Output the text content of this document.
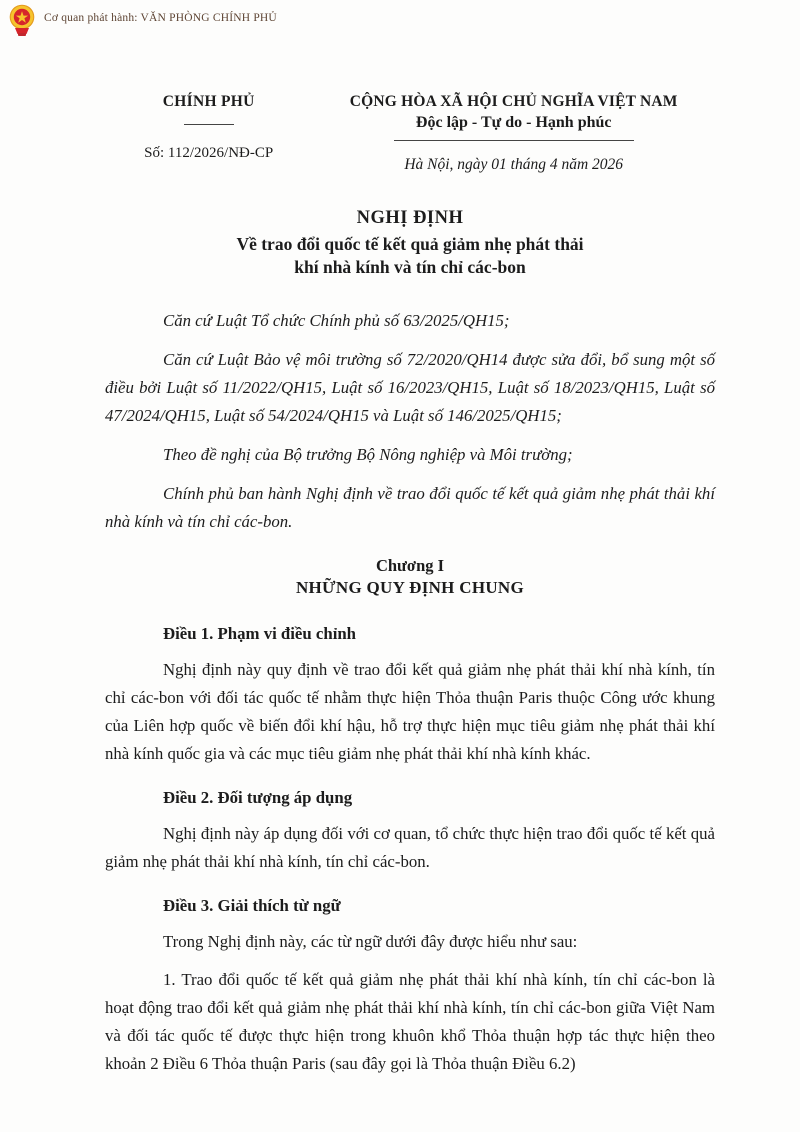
Cơ quan phát hành: VĂN PHÒNG CHÍNH PHỦ
CHÍNH PHỦ
Số: 112/2026/NĐ-CP
CỘNG HÒA XÃ HỘI CHỦ NGHĨA VIỆT NAM
Độc lập - Tự do - Hạnh phúc
Hà Nội, ngày 01 tháng 4 năm 2026
NGHỊ ĐỊNH
Về trao đổi quốc tế kết quả giảm nhẹ phát thải
khí nhà kính và tín chỉ các-bon

Căn cứ Luật Tổ chức Chính phủ số 63/2025/QH15;

Căn cứ Luật Bảo vệ môi trường số 72/2020/QH14 được sửa đổi, bổ sung một số điều bởi Luật số 11/2022/QH15, Luật số 16/2023/QH15, Luật số 18/2023/QH15, Luật số 47/2024/QH15, Luật số 54/2024/QH15 và Luật số 146/2025/QH15;

Theo đề nghị của Bộ trưởng Bộ Nông nghiệp và Môi trường;

Chính phủ ban hành Nghị định về trao đổi quốc tế kết quả giảm nhẹ phát thải khí nhà kính và tín chỉ các-bon.

Chương I
NHỮNG QUY ĐỊNH CHUNG
Điều 1. Phạm vi điều chỉnh

Nghị định này quy định về trao đổi kết quả giảm nhẹ phát thải khí nhà kính, tín chỉ các-bon với đối tác quốc tế nhằm thực hiện Thỏa thuận Paris thuộc Công ước khung của Liên hợp quốc về biến đổi khí hậu, hỗ trợ thực hiện mục tiêu giảm nhẹ phát thải khí nhà kính quốc gia và các mục tiêu giảm nhẹ phát thải khí nhà kính khác.

Điều 2. Đối tượng áp dụng

Nghị định này áp dụng đối với cơ quan, tổ chức thực hiện trao đổi quốc tế kết quả giảm nhẹ phát thải khí nhà kính, tín chỉ các-bon.

Điều 3. Giải thích từ ngữ

Trong Nghị định này, các từ ngữ dưới đây được hiểu như sau:

1. Trao đổi quốc tế kết quả giảm nhẹ phát thải khí nhà kính, tín chỉ các-bon là hoạt động trao đổi kết quả giảm nhẹ phát thải khí nhà kính, tín chỉ các-bon giữa Việt Nam và đối tác quốc tế được thực hiện trong khuôn khổ Thỏa thuận hợp tác thực hiện theo khoản 2 Điều 6 Thỏa thuận Paris (sau đây gọi là Thỏa thuận Điều 6.2)
